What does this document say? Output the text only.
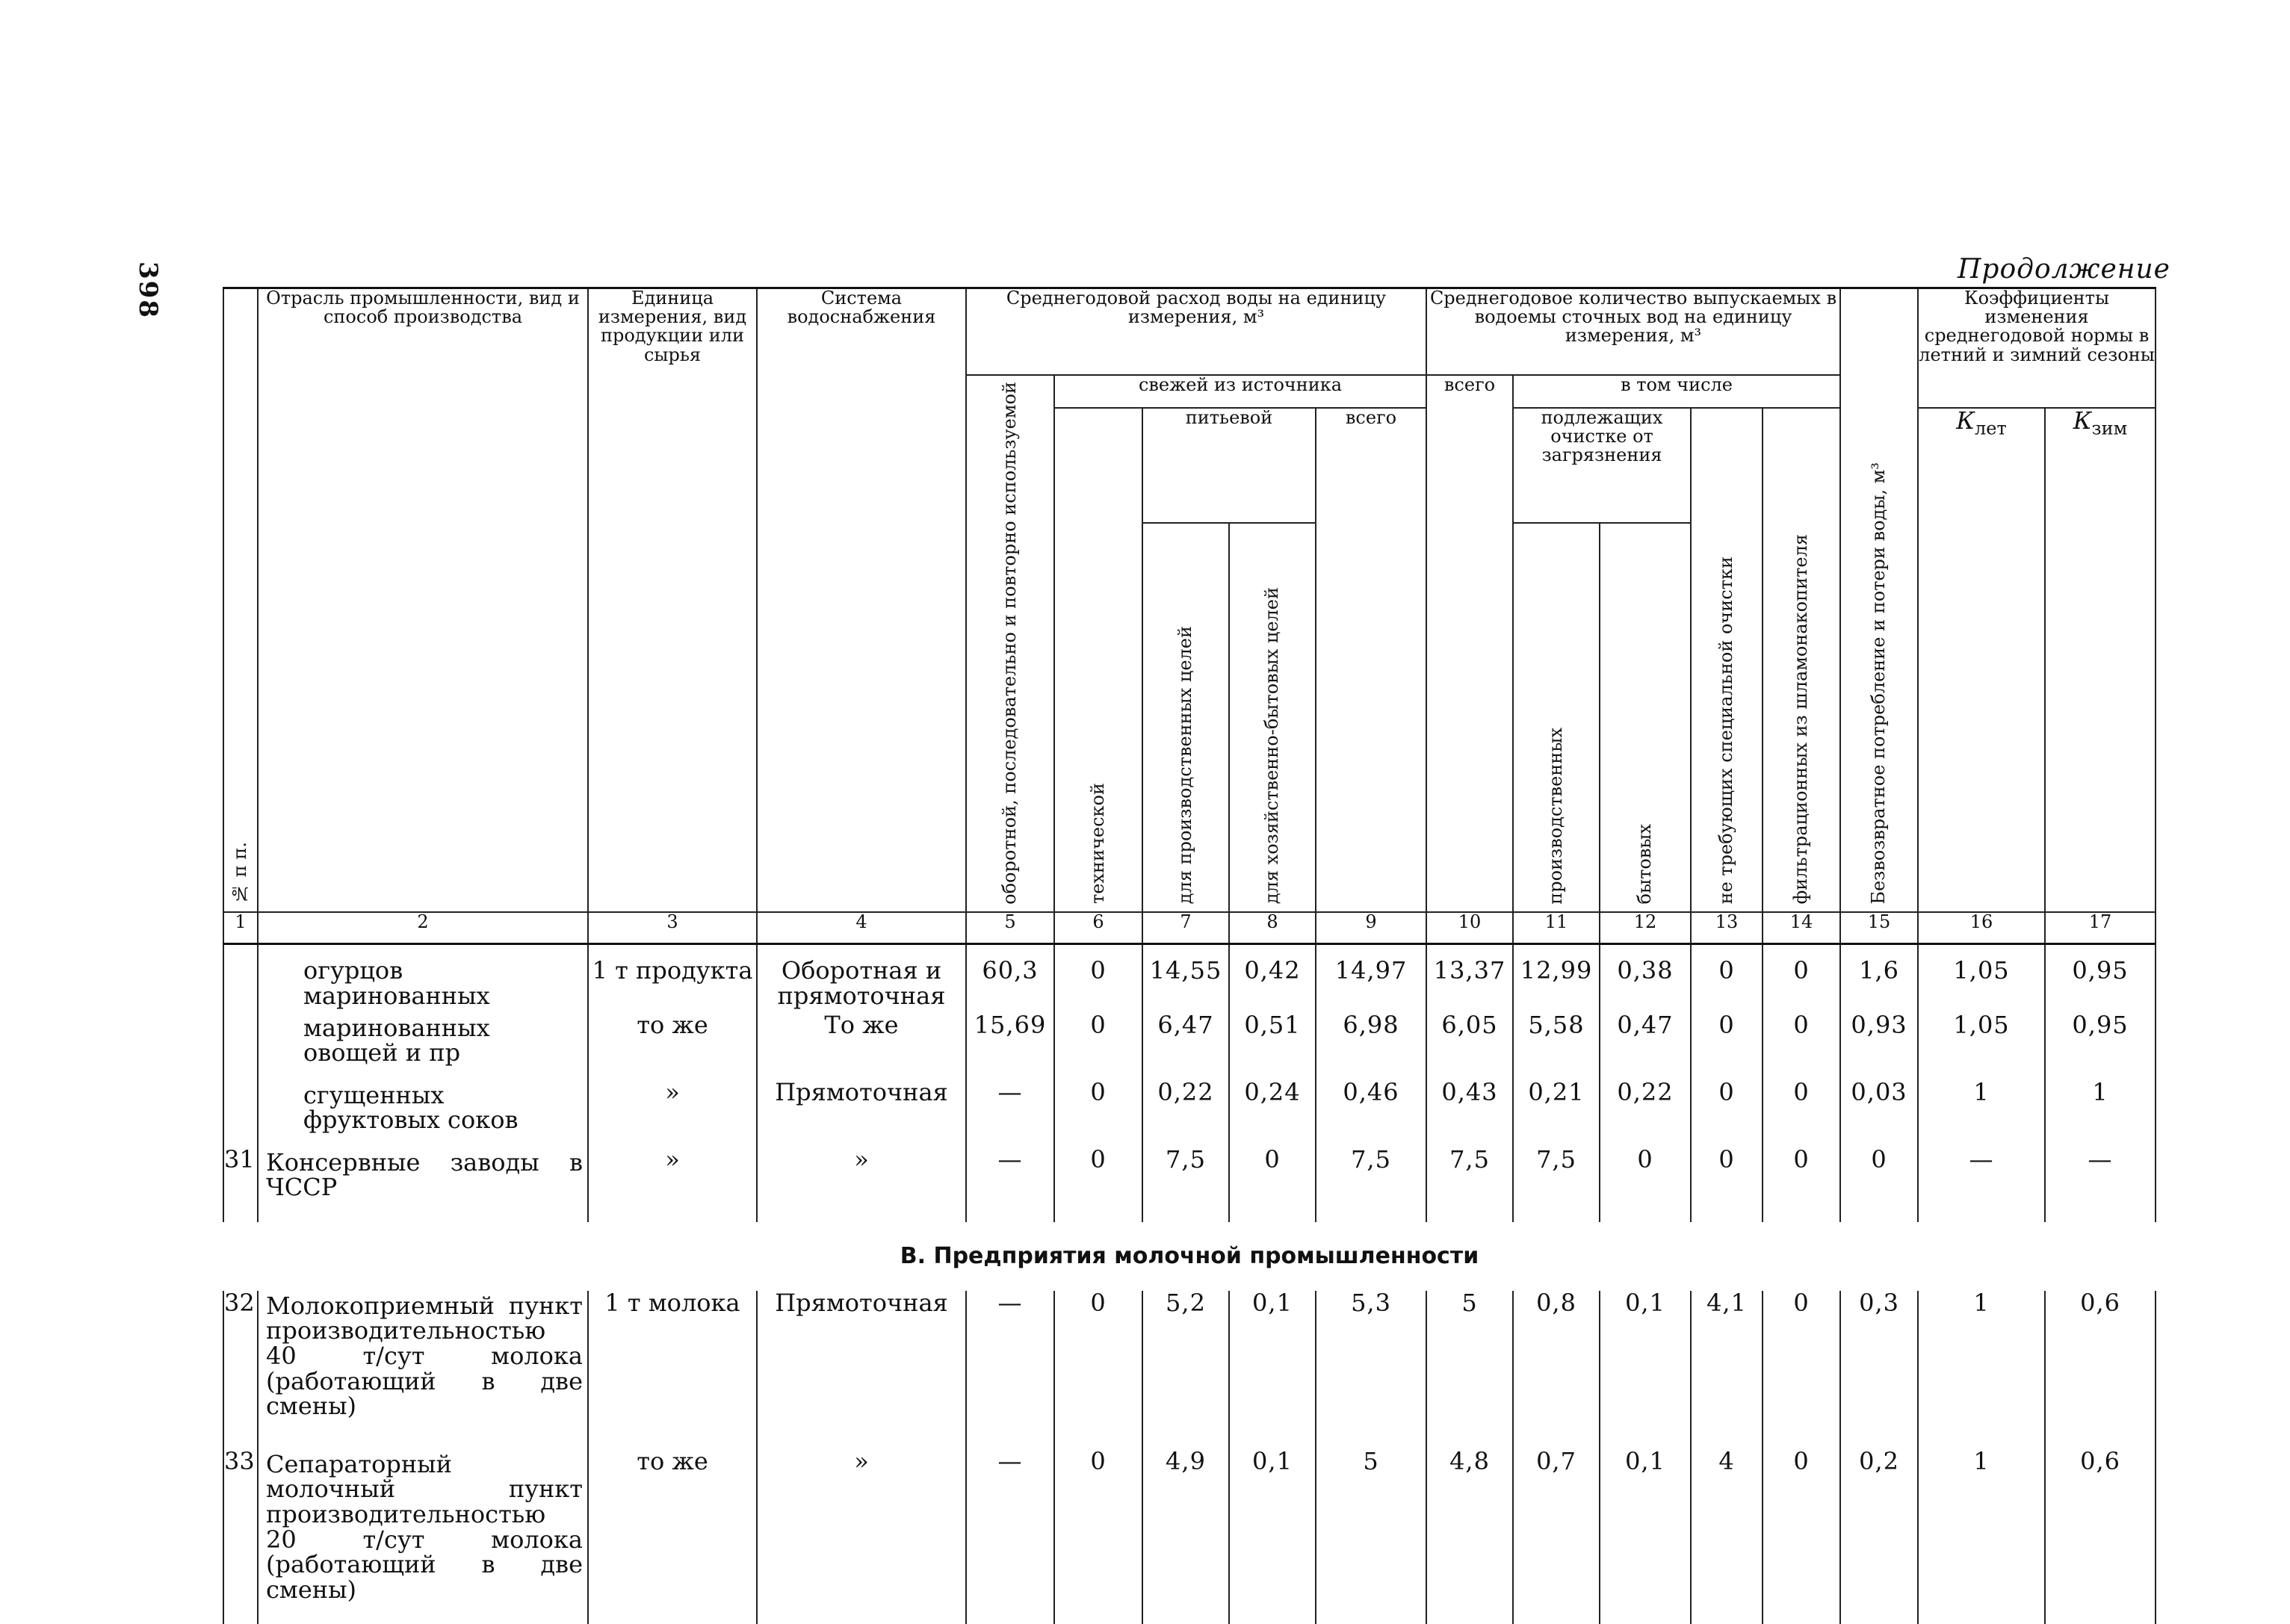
398	Продолжение
№ п п.	Отрасль промышленности, вид и способ производства	Единица измерения, вид продукции или сырья	Система водоснабжения	Среднегодовой расход воды на единицу измерения, м³					Среднегодовое количество выпускаемых в водоемы сточных вод на единицу измерения, м³					Безвозвратное потребление и потери воды, м³	Коэффициенты изменения среднегодовой нормы в летний и зимний сезоны	

				оборотной, последовательно и повторно используемой	свежей из источника				всего	в том числе						

					технической	питьевой		всего		подлежащих очистке от загрязнения		не требующих специальной очистки	фильтрационных из шламонакопителя		$К_{лет}$	$К_{зим}$

						для производственных целей	для хозяйственно-бытовых целей			производственных	бытовых					

1	2	3	4	5	6	7	8	9	10	11	12	13	14	15	16	17
	огурцов маринованных	1 т продукта	Оборотная и прямоточная	60,3	0	14,55	0,42	14,97	13,37	12,99	0,38	0	0	1,6	1,05	0,95
	маринованных овощей и пр	то же	То же	15,69	0	6,47	0,51	6,98	6,05	5,58	0,47	0	0	0,93	1,05	0,95
	сгущенных фруктовых соков	»	Прямоточная	—	0	0,22	0,24	0,46	0,43	0,21	0,22	0	0	0,03	1	1
31	Консервные заводы в ЧССР	»	»	—	0	7,5	0	7,5	7,5	7,5	0	0	0	0	—	—
В. Предприятия молочной промышленности																
32	Молокоприемный пункт производительностью 40 т/сут молока (работающий в две смены)	1 т молока	Прямоточная	—	0	5,2	0,1	5,3	5	0,8	0,1	4,1	0	0,3	1	0,6
33	Сепараторный молочный пункт производительностью 20 т/сут молока (работающий в две смены)	то же	»	—	0	4,9	0,1	5	4,8	0,7	0,1	4	0	0,2	1	0,6
